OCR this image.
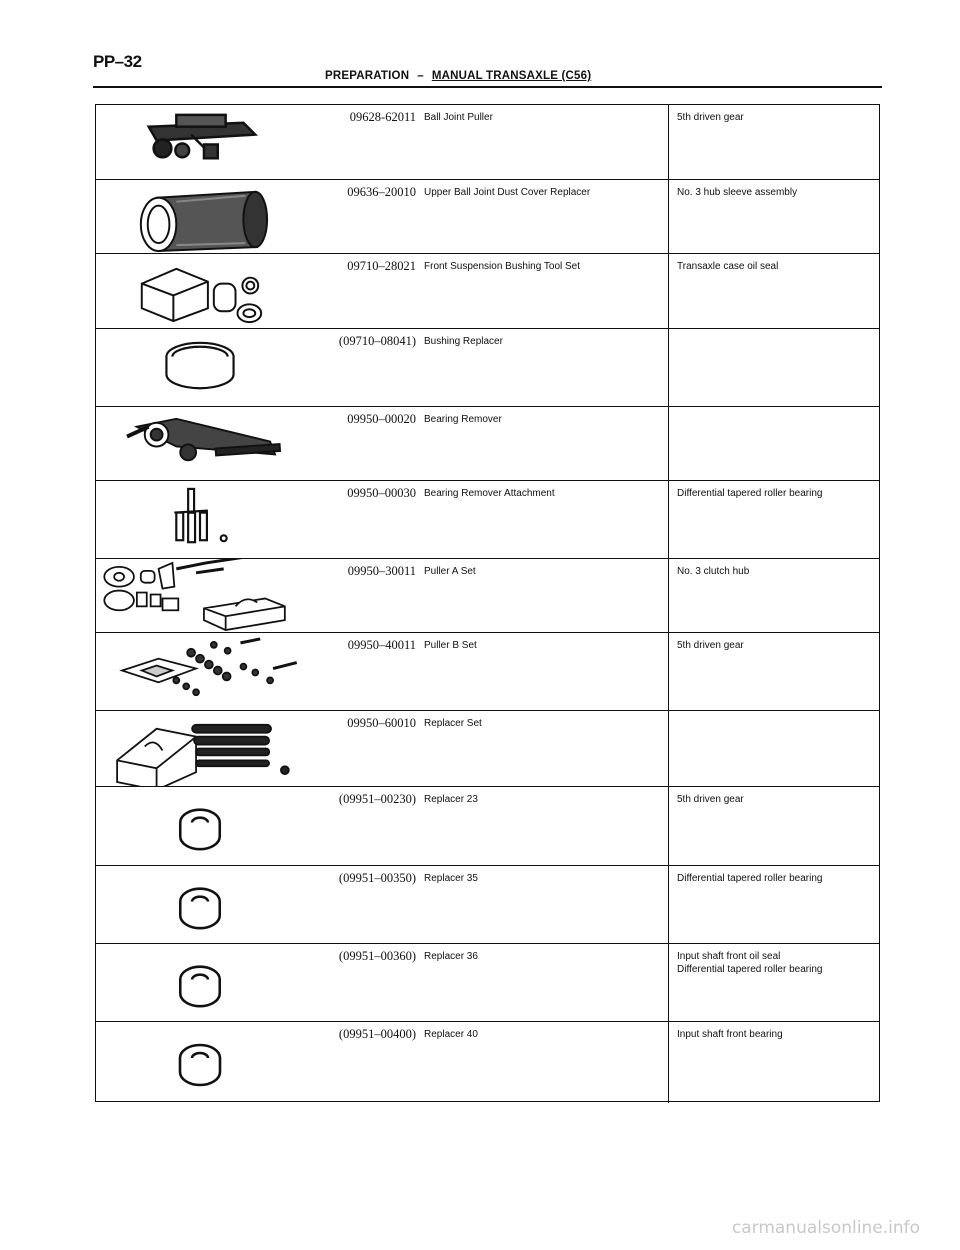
PP–32
PREPARATION – MANUAL TRANSAXLE (C56)
09628-62011 Ball Joint Puller	5th driven gear
09636–20010 Upper Ball Joint Dust Cover Replacer	No. 3 hub sleeve assembly
09710–28021 Front Suspension Bushing Tool Set	Transaxle case oil seal
(09710–08041) Bushing Replacer
09950–00020 Bearing Remover
09950–00030 Bearing Remover Attachment	Differential tapered roller bearing
09950–30011 Puller A Set	No. 3 clutch hub
09950–40011 Puller B Set	5th driven gear
09950–60010 Replacer Set
(09951–00230) Replacer 23	5th driven gear
(09951–00350) Replacer 35	Differential tapered roller bearing
(09951–00360) Replacer 36	Input shaft front oil seal
Differential tapered roller bearing
(09951–00400) Replacer 40	Input shaft front bearing
carmanualsonline.info
